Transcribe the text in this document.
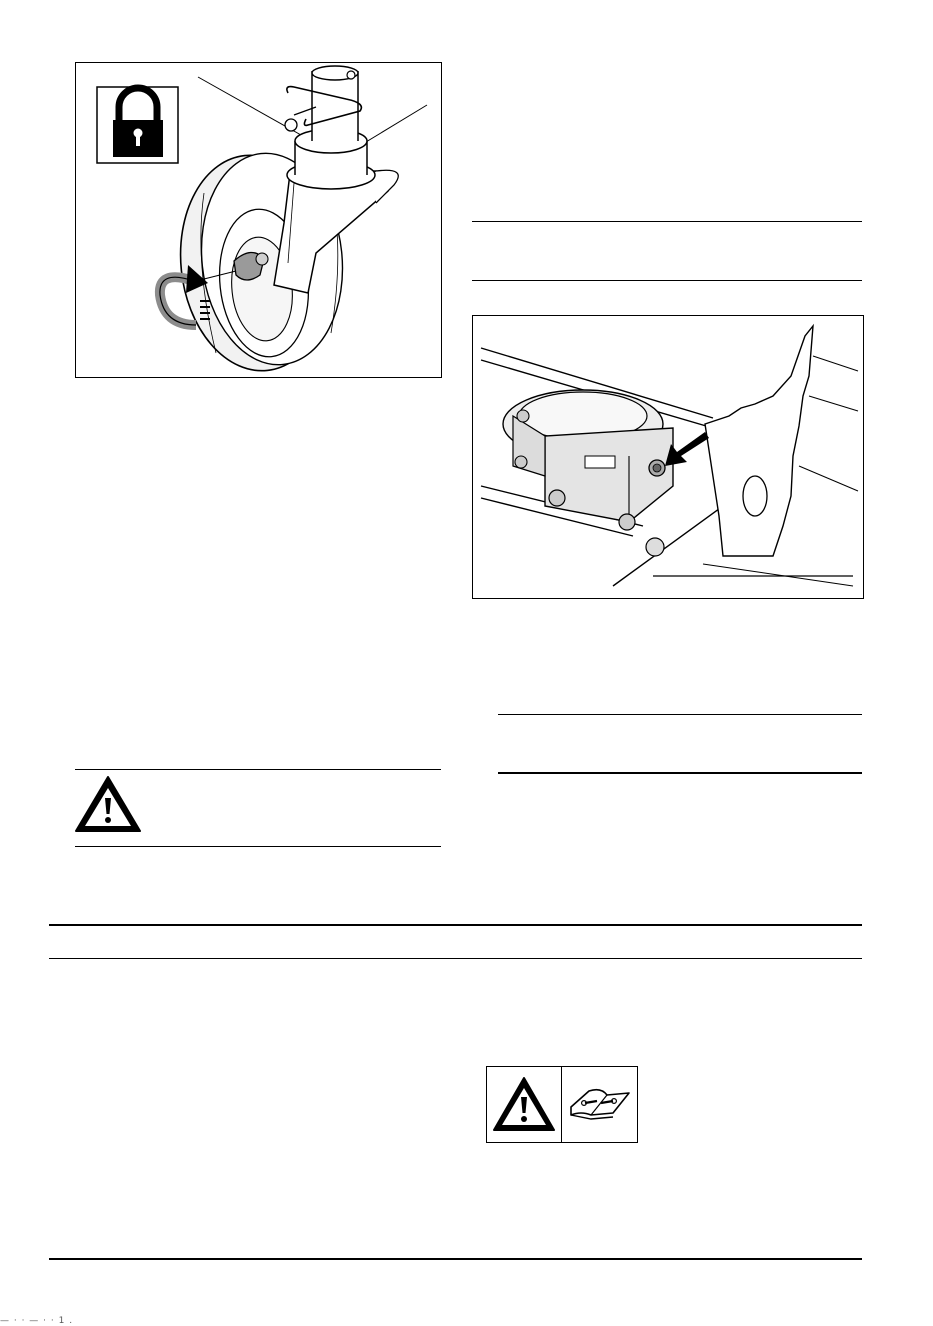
— · · — · · 1 .
